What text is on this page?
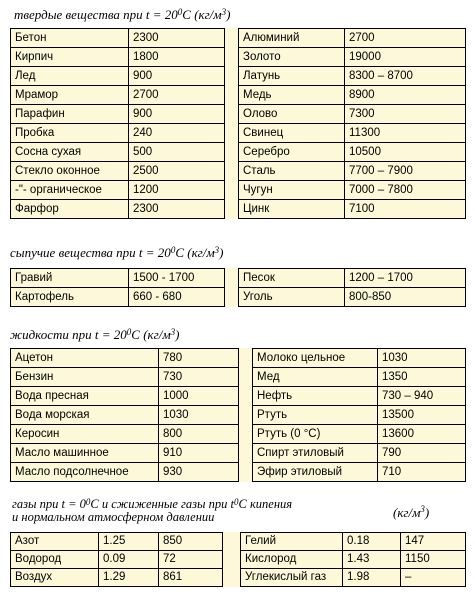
твердые вещества при $t = 20^0C$ $(кг/м^3)$
Бетон	2300		Алюминий	2700
Кирпич	1800		Золото	19000
Лед	900		Латунь	8300 – 8700
Мрамор	2700		Медь	8900
Парафин	900		Олово	7300
Пробка	240		Свинец	11300
Сосна сухая	500		Серебро	10500
Стекло оконное	2500		Сталь	7700 – 7900
-"- органическое	1200		Чугун	7000 – 7800
Фарфор	2300		Цинк	7100
сыпучие вещества при $t = 20^0C$ $(кг/м^3)$
Гравий	1500 - 1700		Песок	1200 – 1700
Картофель	660 - 680		Уголь	800-850
жидкости при $t = 20^0C$ $(кг/м^3)$
Ацетон	780		Молоко цельное	1030
Бензин	730		Мед	1350
Вода пресная	1000		Нефть	730 – 940
Вода морская	1030		Ртуть	13500
Керосин	800		Ртуть (0 °C)	13600
Масло машинное	910		Спирт этиловый	790
Масло подсолнечное	930		Эфир этиловый	710
газы при $t = 0^0C$ и сжиженные газы при $t^0C$ кипения
и нормальном атмосферном давлении	$(кг/м^3)$
Азот	1.25	850		Гелий	0.18	147
Водород	0.09	72		Кислород	1.43	1150
Воздух	1.29	861		Углекислый газ	1.98	–
